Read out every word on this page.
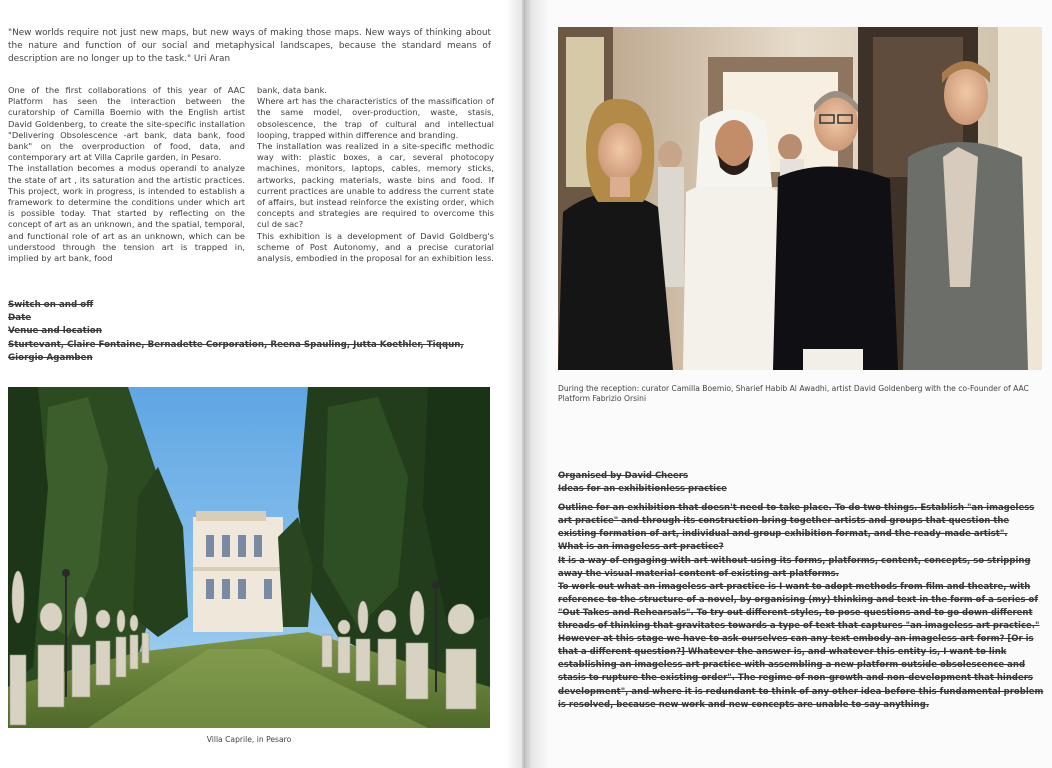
"New worlds require not just new maps, but new ways of making those maps. New ways of thinking about the nature and function of our social and metaphysical landscapes, because the standard means of description are no longer up to the task." Uri Aran

One of the first collaborations of this year of AAC Platform has seen the interaction between the curatorship of Camilla Boemio with the English artist David Goldenberg, to create the site-specific installation "Delivering Obsolescence -art bank, data bank, food bank" on the overproduction of food, data, and contemporary art at Villa Caprile garden, in Pesaro.

The installation becomes a modus operandi to analyze the state of art , its saturation and the artistic practices. This project, work in progress, is intended to establish a framework to determine the conditions under which art is possible today. That started by reflecting on the concept of art as an unknown, and the spatial, temporal, and functional role of art as an unknown, which can be understood through the tension art is trapped in, implied by art bank, food

bank, data bank.

Where art has the characteristics of the massification of the same model, over-production, waste, stasis, obsolescence, the trap of cultural and intellectual looping, trapped within difference and branding.

The installation was realized in a site-specific methodic way with: plastic boxes, a car, several photocopy machines, monitors, laptops, cables, memory sticks, artworks, packing materials, waste bins and food. If current practices are unable to address the current state of affairs, but instead reinforce the existing order, which concepts and strategies are required to overcome this cul de sac?

This exhibition is a development of David Goldberg's scheme of Post Autonomy, and a precise curatorial analysis, embodied in the proposal for an exhibition less.

Switch on and off
Date
Venue and location
Sturtevant, Claire Fontaine, Bernadette Corporation, Reena Spauling, Jutta Koethler, Tiqqun, Giorgio Agamben
Villa Caprile, in Pesaro
During the reception: curator Camilla Boemio, Sharief Habib Al Awadhi, artist David Goldenberg with the co-Founder of AAC Platform Fabrizio Orsini
Organised by David Cheers
Ideas for an exhibitionless practice
Outline for an exhibition that doesn't need to take place. To do two things. Establish "an imageless art practice" and through its construction bring together artists and groups that question the existing formation of art, individual and group exhibition format, and the ready-made artist".
What is an imageless art practice?
It is a way of engaging with art without using its forms, platforms, content, concepts, so stripping away the visual material content of existing art platforms.
To work out what an imageless art practice is I want to adopt methods from film and theatre, with reference to the structure of a novel, by organising (my) thinking and text in the form of a series of "Out Takes and Rehearsals". To try out different styles, to pose questions and to go down different threads of thinking that gravitates towards a type of text that captures "an imageless art practice." However at this stage we have to ask ourselves can any text embody an imageless art form? [Or is that a different question?] Whatever the answer is, and whatever this entity is, I want to link establishing an imageless art practice with assembling a new platform outside obsolescence and stasis to rupture the existing order". The regime of non-growth and non-development that hinders development", and where it is redundant to think of any other idea before this fundamental problem is resolved, because new work and new concepts are unable to say anything.
